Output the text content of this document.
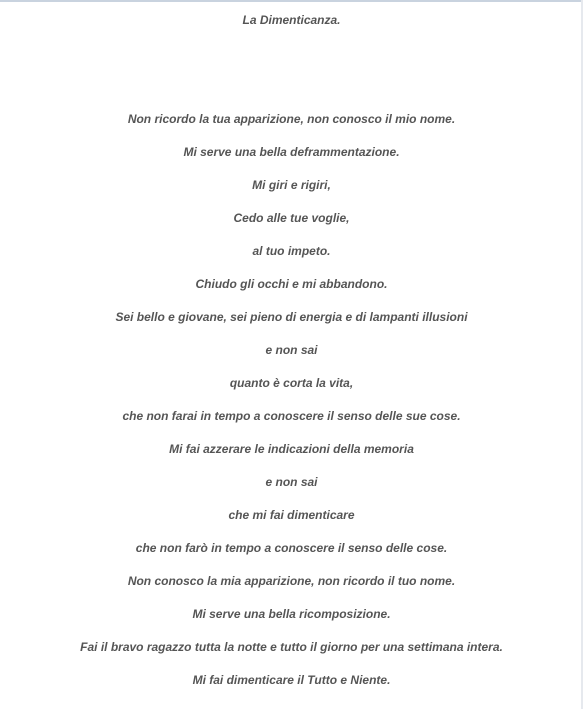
La Dimenticanza.
Non ricordo la tua apparizione, non conosco il mio nome.
Mi serve una bella deframmentazione.
Mi giri e rigiri,
Cedo alle tue voglie,
al tuo impeto.
Chiudo gli occhi e mi abbandono.
Sei bello e giovane, sei pieno di energia e di lampanti illusioni
e non sai
quanto è corta la vita,
che non farai in tempo a conoscere il senso delle sue cose.
Mi fai azzerare le indicazioni della memoria
e non sai
che mi fai dimenticare
che non farò in tempo a conoscere il senso delle cose.
Non conosco la mia apparizione, non ricordo il tuo nome.
Mi serve una bella ricomposizione.
Fai il bravo ragazzo tutta la notte e tutto il giorno per una settimana intera.
Mi fai dimenticare il Tutto e Niente.
